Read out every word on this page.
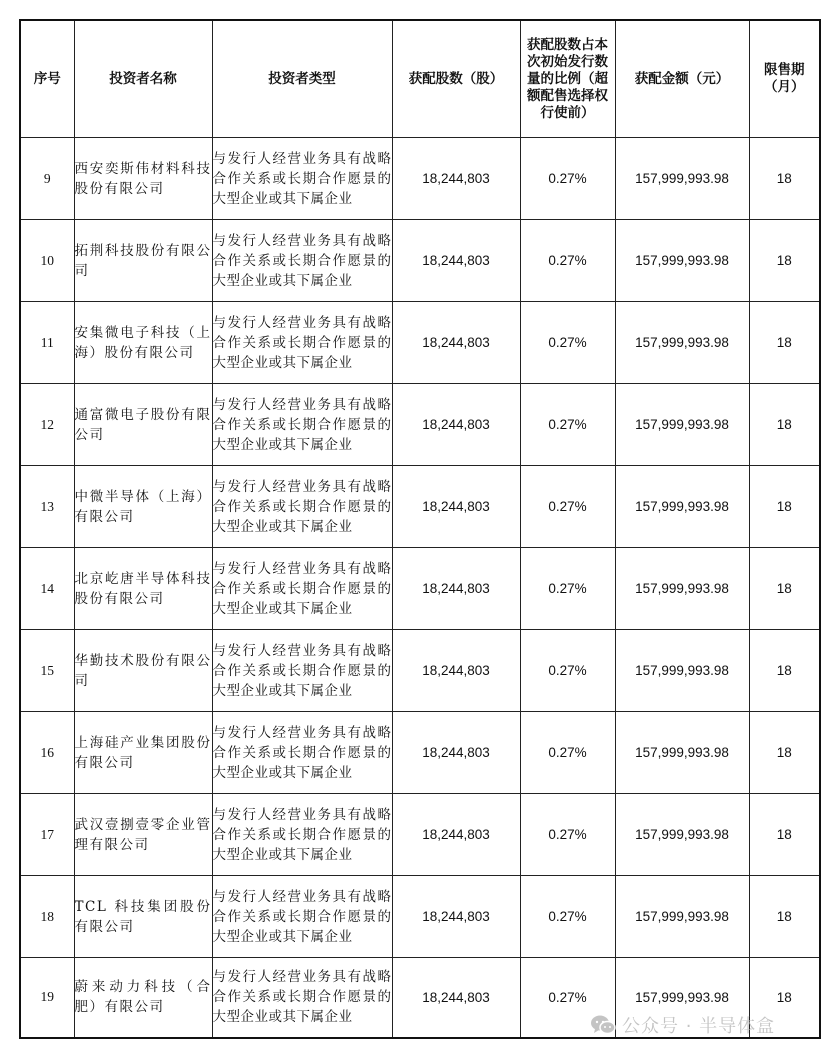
序号	投资者名称	投资者类型	获配股数（股）	获配股数占本次初始发行数量的比例（超额配售选择权行使前）	获配金额（元）	限售期（月）
9	西安奕斯伟材料科技股份有限公司	与发行人经营业务具有战略合作关系或长期合作愿景的大型企业或其下属企业	18,244,803	0.27%	157,999,993.98	18
10	拓荆科技股份有限公司	与发行人经营业务具有战略合作关系或长期合作愿景的大型企业或其下属企业	18,244,803	0.27%	157,999,993.98	18
11	安集微电子科技（上海）股份有限公司	与发行人经营业务具有战略合作关系或长期合作愿景的大型企业或其下属企业	18,244,803	0.27%	157,999,993.98	18
12	通富微电子股份有限公司	与发行人经营业务具有战略合作关系或长期合作愿景的大型企业或其下属企业	18,244,803	0.27%	157,999,993.98	18
13	中微半导体（上海）有限公司	与发行人经营业务具有战略合作关系或长期合作愿景的大型企业或其下属企业	18,244,803	0.27%	157,999,993.98	18
14	北京屹唐半导体科技股份有限公司	与发行人经营业务具有战略合作关系或长期合作愿景的大型企业或其下属企业	18,244,803	0.27%	157,999,993.98	18
15	华勤技术股份有限公司	与发行人经营业务具有战略合作关系或长期合作愿景的大型企业或其下属企业	18,244,803	0.27%	157,999,993.98	18
16	上海硅产业集团股份有限公司	与发行人经营业务具有战略合作关系或长期合作愿景的大型企业或其下属企业	18,244,803	0.27%	157,999,993.98	18
17	武汉壹捌壹零企业管理有限公司	与发行人经营业务具有战略合作关系或长期合作愿景的大型企业或其下属企业	18,244,803	0.27%	157,999,993.98	18
18	TCL 科技集团股份有限公司	与发行人经营业务具有战略合作关系或长期合作愿景的大型企业或其下属企业	18,244,803	0.27%	157,999,993.98	18
19	蔚来动力科技（合肥）有限公司	与发行人经营业务具有战略合作关系或长期合作愿景的大型企业或其下属企业	18,244,803	0.27%	157,999,993.98	18
公众号 · 半导体盒
